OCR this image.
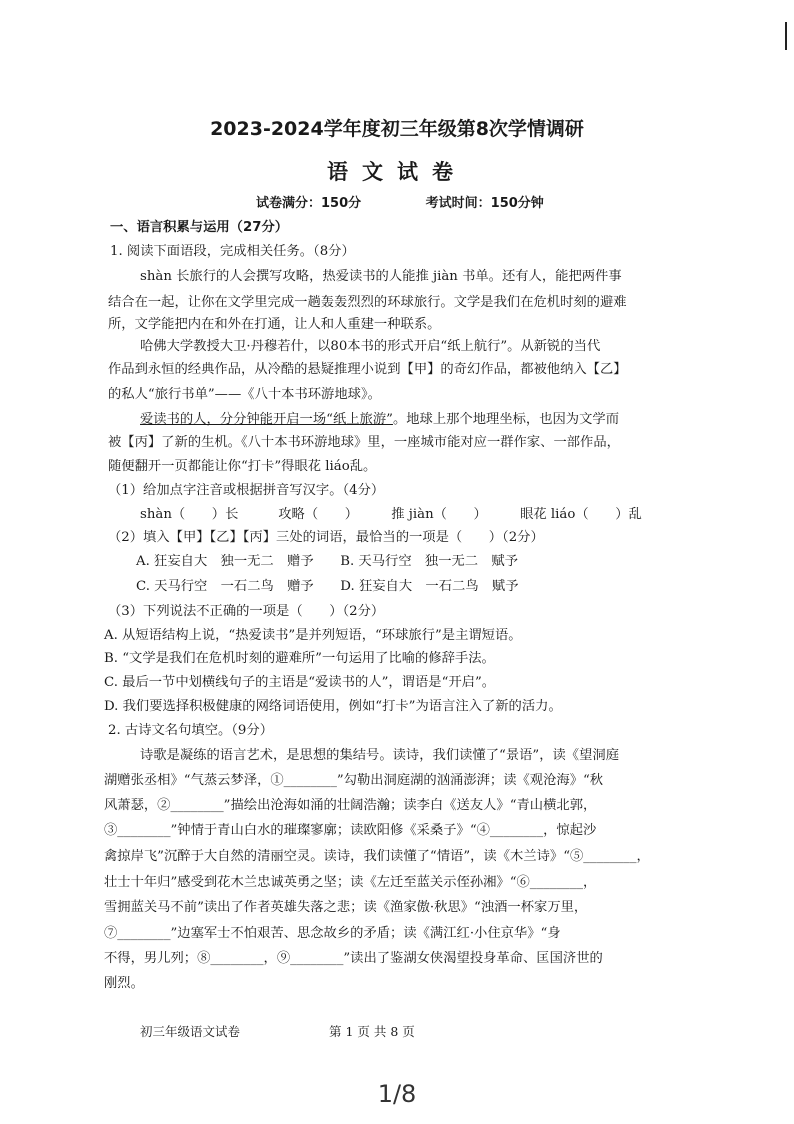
2023-2024学年度初三年级第8次学情调研
语文试卷
试卷满分：150分	考试时间：150分钟
一、语言积累与运用（27分）
1. 阅读下面语段，完成相关任务。（8分）
shàn 长旅行的人会撰写攻略，热爱读书的人能推 jiàn 书单。还有人，能把两件事
结合在一起，让你在文学里完成一趟轰轰烈烈的环球旅行。文学是我们在危机时刻的避难
所，文学能把内在和外在打通，让人和人重建一种联系。
哈佛大学教授大卫·丹穆若什，以80本书的形式开启“纸上航行”。从新锐的当代
作品到永恒的经典作品，从冷酷的悬疑推理小说到【甲】的奇幻作品，都被他纳入【乙】
的私人“旅行书单”——《八十本书环游地球》。
爱读书的人，分分钟能开启一场“纸上旅游”。地球上那个地理坐标，也因为文学而
被【丙】了新的生机。《八十本书环游地球》里，一座城市能对应一群作家、一部作品，
随便翻开一页都能让你“打卡”得眼花 liáo乱。
（1）给加点字注音或根据拼音写汉字。（4分）
shàn（　　）长　　　攻略（　　）　　　推 jiàn（　　）　　　眼花 liáo（　　）乱
（2）填入【甲】【乙】【丙】三处的词语，最恰当的一项是（　　）（2分）
A. 狂妄自大　独一无二　赠予　　B. 天马行空　独一无二　赋予
C. 天马行空　一石二鸟　赠予　　D. 狂妄自大　一石二鸟　赋予
（3）下列说法不正确的一项是（　　）（2分）
A. 从短语结构上说，“热爱读书”是并列短语，“环球旅行”是主谓短语。
B. “文学是我们在危机时刻的避难所”一句运用了比喻的修辞手法。
C. 最后一节中划横线句子的主语是“爱读书的人”，谓语是“开启”。
D. 我们要选择积极健康的网络词语使用，例如“打卡”为语言注入了新的活力。
2. 古诗文名句填空。（9分）
诗歌是凝练的语言艺术，是思想的集结号。读诗，我们读懂了“景语”，读《望洞庭
湖赠张丞相》“气蒸云梦泽，①________”勾勒出洞庭湖的汹涌澎湃；读《观沧海》“秋
风萧瑟，②________”描绘出沧海如涌的壮阔浩瀚；读李白《送友人》“青山横北郭，
③________”钟情于青山白水的璀璨寥廓；读欧阳修《采桑子》“④________，惊起沙
禽掠岸飞”沉醉于大自然的清丽空灵。读诗，我们读懂了“情语”，读《木兰诗》“⑤________，
壮士十年归”感受到花木兰忠诚英勇之坚；读《左迁至蓝关示侄孙湘》“⑥________，
雪拥蓝关马不前”读出了作者英雄失落之悲；读《渔家傲·秋思》“浊酒一杯家万里，
⑦________”边塞军士不怕艰苦、思念故乡的矛盾；读《满江红·小住京华》“身
不得，男儿列；⑧________，⑨________”读出了鉴湖女侠渴望投身革命、匡国济世的
刚烈。
初三年级语文试卷	第 1 页 共 8 页
1/8
